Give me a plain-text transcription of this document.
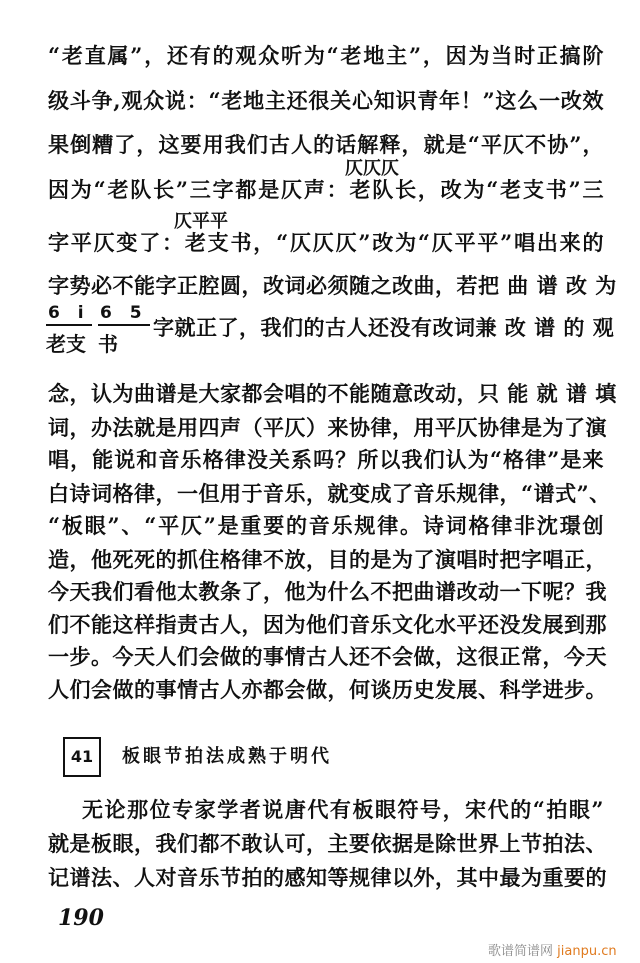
“老直属”，还有的观众听为“老地主”，因为当时正搞阶
级斗争,观众说：“老地主还很关心知识青年！”这么一改效
果倒糟了，这要用我们古人的话解释，就是“平仄不协”，
仄仄仄
因为“老队长”三字都是仄声：老队长，改为“老支书”三
仄平平
字平仄变了：老支书，“仄仄仄”改为“仄平平”唱出来的
字势必不能字正腔圆，改词必须随之改曲，若把 曲 谱 改 为
6 i
老支
6 5
书
字就正了，我们的古人还没有改词兼 改 谱 的 观
念，认为曲谱是大家都会唱的不能随意改动，只 能 就 谱 填
词，办法就是用四声（平仄）来协律，用平仄协律是为了演
唱，能说和音乐格律没关系吗？所以我们认为“格律”是来
白诗词格律，一但用于音乐，就变成了音乐规律，“谱式”、
“板眼”、“平仄”是重要的音乐规律。诗词格律非沈璟创
造，他死死的抓住格律不放，目的是为了演唱时把字唱正，
今天我们看他太教条了，他为什么不把曲谱改动一下呢？我
们不能这样指责古人，因为他们音乐文化水平还没发展到那
一步。今天人们会做的事情古人还不会做，这很正常，今天
人们会做的事情古人亦都会做，何谈历史发展、科学进步。
41	板眼节拍法成熟于明代
无论那位专家学者说唐代有板眼符号，宋代的“拍眼”
就是板眼，我们都不敢认可，主要依据是除世界上节拍法、
记谱法、人对音乐节拍的感知等规律以外，其中最为重要的
190
歌谱简谱网 jianpu.cn
